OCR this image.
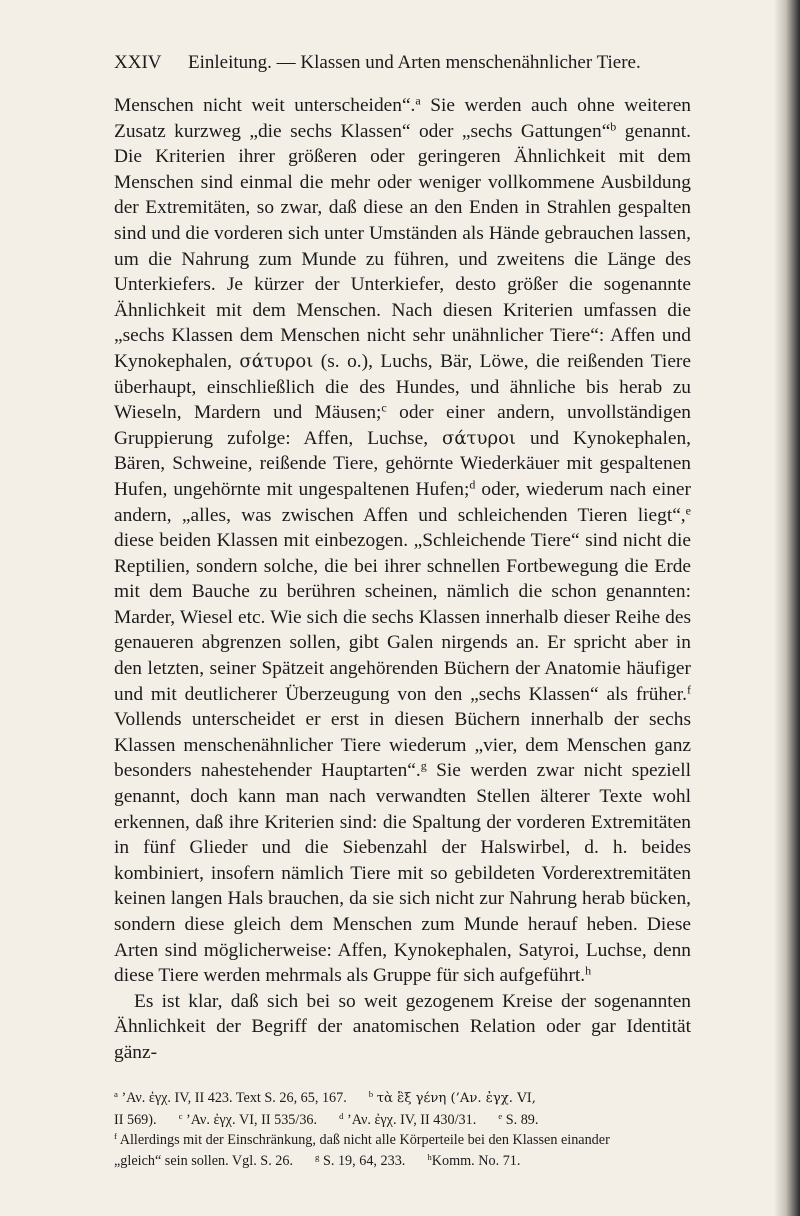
XXIV Einleitung. — Klassen und Arten menschenähnlicher Tiere.

Menschen nicht weit unterscheiden“.$^a$ Sie werden auch ohne weiteren Zusatz kurzweg „die sechs Klassen“ oder „sechs Gattungen“$^b$ genannt. Die Kriterien ihrer größeren oder geringeren Ähnlichkeit mit dem Menschen sind einmal die mehr oder weniger vollkommene Ausbildung der Extremitäten, so zwar, daß diese an den Enden in Strahlen gespalten sind und die vorderen sich unter Umständen als Hände gebrauchen lassen, um die Nahrung zum Munde zu führen, und zweitens die Länge des Unterkiefers. Je kürzer der Unterkiefer, desto größer die sogenannte Ähnlichkeit mit dem Menschen. Nach diesen Kriterien umfassen die „sechs Klassen dem Menschen nicht sehr unähnlicher Tiere“: Affen und Kynokephalen, σάτυροι (s. o.), Luchs, Bär, Löwe, die reißenden Tiere überhaupt, einschließlich die des Hundes, und ähnliche bis herab zu Wieseln, Mardern und Mäusen;$^c$ oder einer andern, unvollständigen Gruppierung zufolge: Affen, Luchse, σάτυροι und Kynokephalen, Bären, Schweine, reißende Tiere, gehörnte Wiederkäuer mit gespaltenen Hufen, ungehörnte mit ungespaltenen Hufen;$^d$ oder, wiederum nach einer andern, „alles, was zwischen Affen und schleichenden Tieren liegt“,$^e$ diese beiden Klassen mit einbezogen. „Schleichende Tiere“ sind nicht die Reptilien, sondern solche, die bei ihrer schnellen Fortbewegung die Erde mit dem Bauche zu berühren scheinen, nämlich die schon genannten: Marder, Wiesel etc. Wie sich die sechs Klassen innerhalb dieser Reihe des genaueren abgrenzen sollen, gibt Galen nirgends an. Er spricht aber in den letzten, seiner Spätzeit angehörenden Büchern der Anatomie häufiger und mit deutlicherer Überzeugung von den „sechs Klassen“ als früher.$^f$ Vollends unterscheidet er erst in diesen Büchern innerhalb der sechs Klassen menschenähnlicher Tiere wiederum „vier, dem Menschen ganz besonders nahestehender Hauptarten“.$^g$ Sie werden zwar nicht speziell genannt, doch kann man nach verwandten Stellen älterer Texte wohl erkennen, daß ihre Kriterien sind: die Spaltung der vorderen Extremitäten in fünf Glieder und die Siebenzahl der Halswirbel, d. h. beides kombiniert, insofern nämlich Tiere mit so gebildeten Vorderextremitäten keinen langen Hals brauchen, da sie sich nicht zur Nahrung herab bücken, sondern diese gleich dem Menschen zum Munde herauf heben. Diese Arten sind möglicherweise: Affen, Kynokephalen, Satyroi, Luchse, denn diese Tiere werden mehrmals als Gruppe für sich aufgeführt.$^h$

Es ist klar, daß sich bei so weit gezogenem Kreise der sogenannten Ähnlichkeit der Begriff der anatomischen Relation oder gar Identität gänz-

$^a$ ’Αν. ἐγχ. IV, II 423. Text S. 26, 65, 167. $^b$ τὰ ἓξ γένη (’Αν. ἐγχ. VI,
II 569). $^c$ ’Αν. ἐγχ. VI, II 535/36. $^d$ ’Αν. ἐγχ. IV, II 430/31. $^e$ S. 89.
$^f$ Allerdings mit der Einschränkung, daß nicht alle Körperteile bei den Klassen einander
„gleich“ sein sollen. Vgl. S. 26. $^g$ S. 19, 64, 233. $^h$Komm. No. 71.
